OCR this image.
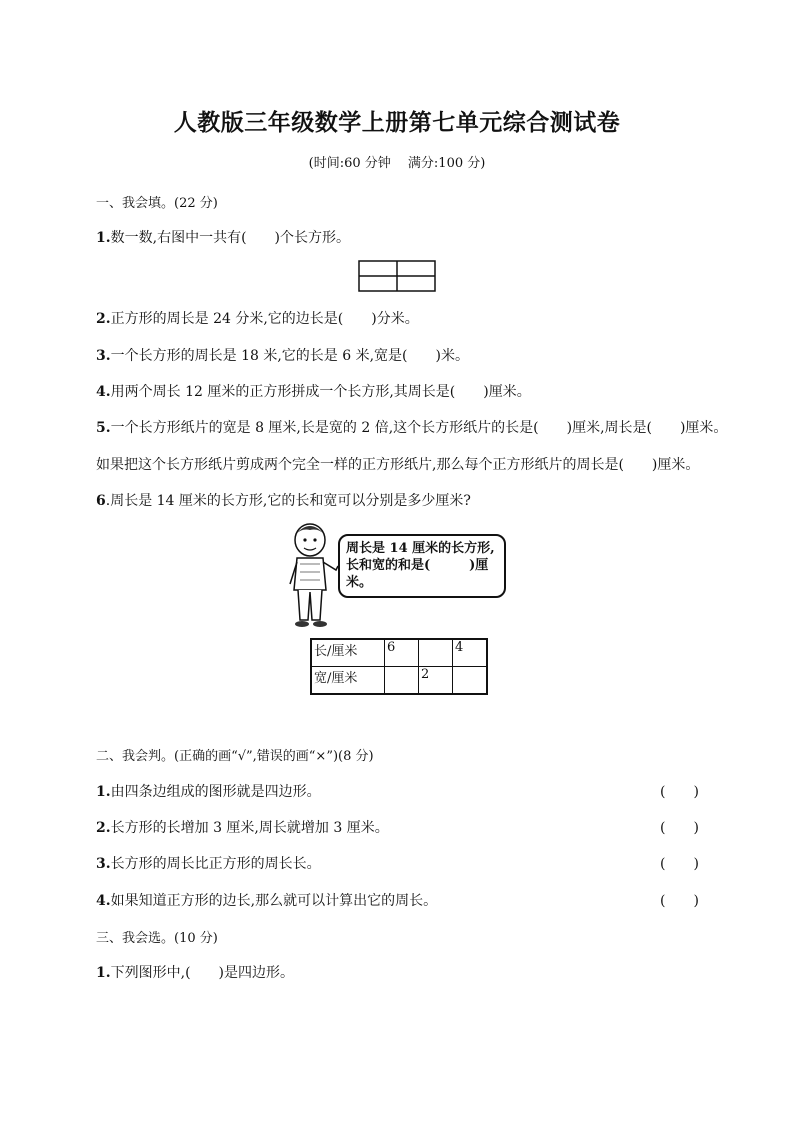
人教版三年级数学上册第七单元综合测试卷
(时间:60 分钟　 满分:100 分)
一、我会填。(22 分)
1.数一数,右图中一共有(　　)个长方形。
2.正方形的周长是 24 分米,它的边长是(　　)分米。
3.一个长方形的周长是 18 米,它的长是 6 米,宽是(　　)米。
4.用两个周长 12 厘米的正方形拼成一个长方形,其周长是(　　)厘米。
5.一个长方形纸片的宽是 8 厘米,长是宽的 2 倍,这个长方形纸片的长是(　　)厘米,周长是(　　)厘米。
如果把这个长方形纸片剪成两个完全一样的正方形纸片,那么每个正方形纸片的周长是(　　)厘米。
6.周长是 14 厘米的长方形,它的长和宽可以分别是多少厘米?
周长是 14 厘米的长方形,长和宽的和是(　　　)厘米。
长/厘米	6		4
宽/厘米		2	
二、我会判。(正确的画“√”,错误的画“×”)(8 分)
1.由四条边组成的图形就是四边形。	(　　)
2.长方形的长增加 3 厘米,周长就增加 3 厘米。	(　　)
3.长方形的周长比正方形的周长长。	(　　)
4.如果知道正方形的边长,那么就可以计算出它的周长。	(　　)
三、我会选。(10 分)
1.下列图形中,(　　)是四边形。
